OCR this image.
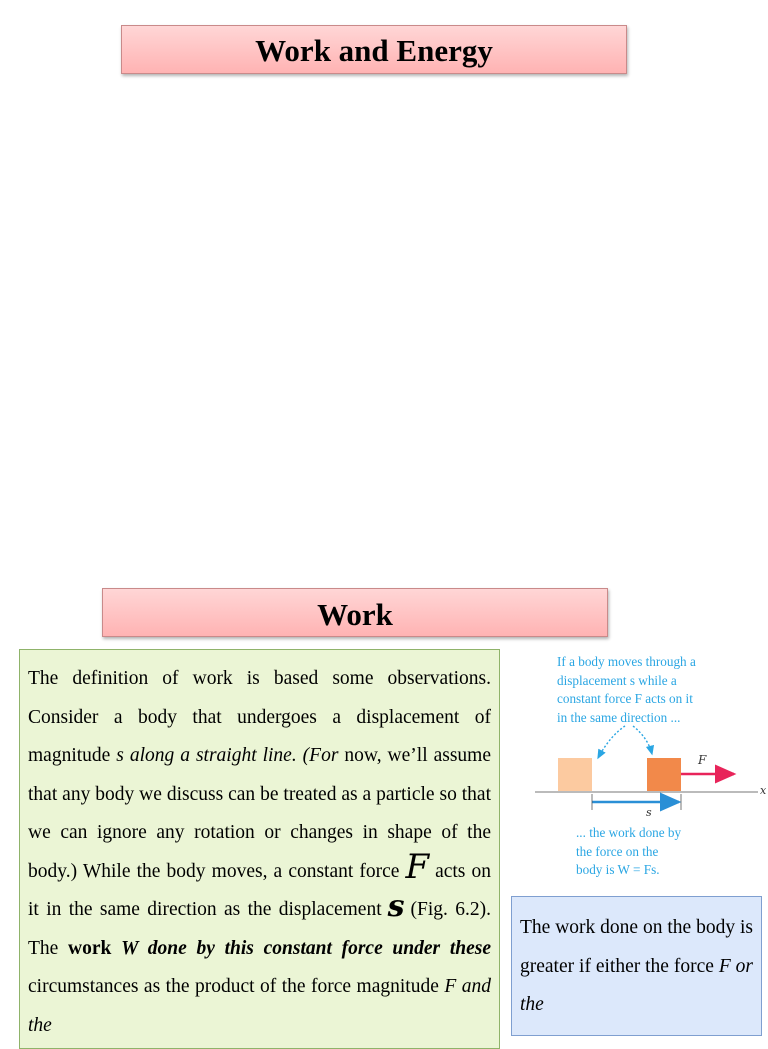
Work and Energy
Work

The definition of work is based some observations. Consider a body that undergoes a displacement of magnitude s along a straight line. (For now, we’ll assume that any body we discuss can be treated as a particle so that we can ignore any rotation or changes in shape of the body.) While the body moves, a constant force F acts on it in the same direction as the displacement s (Fig. 6.2). The work W done by this constant force under these circumstances as the product of the force magnitude F and the

If a body moves through a
displacement s while a
constant force F acts on it
in the same direction ...
F
s
x
... the work done by
the force on the
body is W = Fs.

The work done on the body is greater if either the force F or the
